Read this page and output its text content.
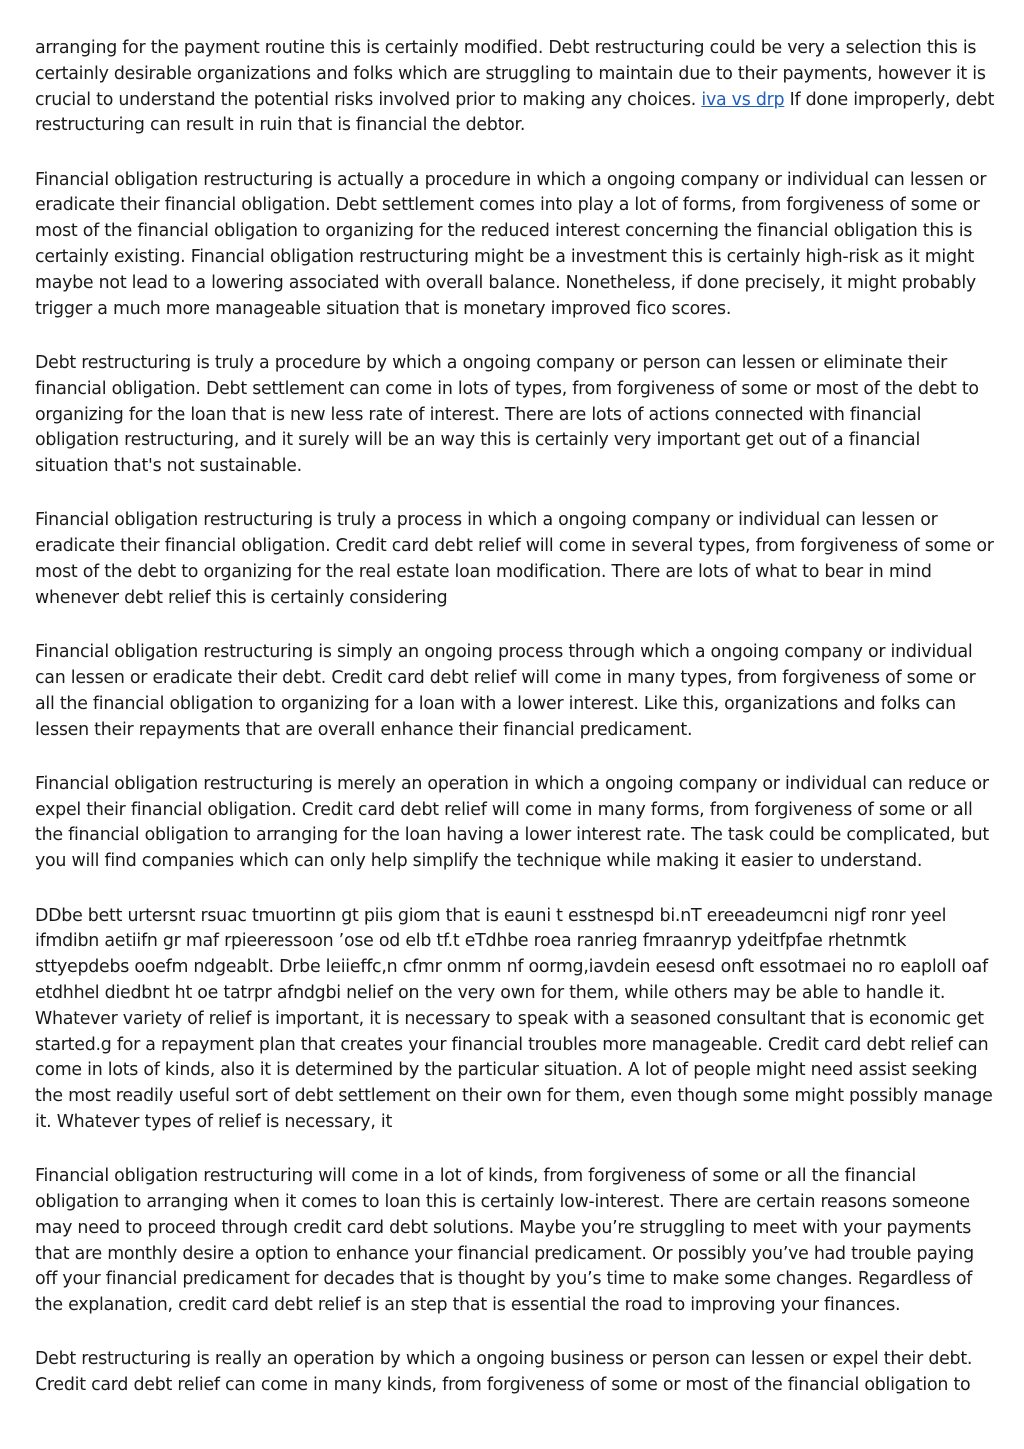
arranging for the payment routine this is certainly modified. Debt restructuring could be very a selection this is certainly desirable organizations and folks which are struggling to maintain due to their payments, however it is crucial to understand the potential risks involved prior to making any choices. iva vs drp If done improperly, debt restructuring can result in ruin that is financial the debtor.

Financial obligation restructuring is actually a procedure in which a ongoing company or individual can lessen or eradicate their financial obligation. Debt settlement comes into play a lot of forms, from forgiveness of some or most of the financial obligation to organizing for the reduced interest concerning the financial obligation this is certainly existing. Financial obligation restructuring might be a investment this is certainly high-risk as it might maybe not lead to a lowering associated with overall balance. Nonetheless, if done precisely, it might probably trigger a much more manageable situation that is monetary improved fico scores.

Debt restructuring is truly a procedure by which a ongoing company or person can lessen or eliminate their financial obligation. Debt settlement can come in lots of types, from forgiveness of some or most of the debt to organizing for the loan that is new less rate of interest. There are lots of actions connected with financial obligation restructuring, and it surely will be an way this is certainly very important get out of a financial situation that's not sustainable.

Financial obligation restructuring is truly a process in which a ongoing company or individual can lessen or eradicate their financial obligation. Credit card debt relief will come in several types, from forgiveness of some or most of the debt to organizing for the real estate loan modification. There are lots of what to bear in mind whenever debt relief this is certainly considering

Financial obligation restructuring is simply an ongoing process through which a ongoing company or individual can lessen or eradicate their debt. Credit card debt relief will come in many types, from forgiveness of some or all the financial obligation to organizing for a loan with a lower interest. Like this, organizations and folks can lessen their repayments that are overall enhance their financial predicament.

Financial obligation restructuring is merely an operation in which a ongoing company or individual can reduce or expel their financial obligation. Credit card debt relief will come in many forms, from forgiveness of some or all the financial obligation to arranging for the loan having a lower interest rate. The task could be complicated, but you will find companies which can only help simplify the technique while making it easier to understand.

DDbe bett urtersnt rsuac tmuortinn gt piis giom that is eauni t esstnespd bi.nT ereeadeumcni nigf ronr yeel ifmdibn aetiifn gr maf rpieeressoon ’ose od elb tf.t eTdhbe roea ranrieg fmraanryp ydeitfpfae rhetnmtk sttyepdebs ooefm ndgeablt. Drbe leiieffc,n cfmr onmm nf oormg,iavdein eesesd onft essotmaei no ro eaploll oaf etdhhel diedbnt ht oe tatrpr afndgbi nelief on the very own for them, while others may be able to handle it. Whatever variety of relief is important, it is necessary to speak with a seasoned consultant that is economic get started.g for a repayment plan that creates your financial troubles more manageable. Credit card debt relief can come in lots of kinds, also it is determined by the particular situation. A lot of people might need assist seeking the most readily useful sort of debt settlement on their own for them, even though some might possibly manage it. Whatever types of relief is necessary, it

Financial obligation restructuring will come in a lot of kinds, from forgiveness of some or all the financial obligation to arranging when it comes to loan this is certainly low-interest. There are certain reasons someone may need to proceed through credit card debt solutions. Maybe you’re struggling to meet with your payments that are monthly desire a option to enhance your financial predicament. Or possibly you’ve had trouble paying off your financial predicament for decades that is thought by you’s time to make some changes. Regardless of the explanation, credit card debt relief is an step that is essential the road to improving your finances.

Debt restructuring is really an operation by which a ongoing business or person can lessen or expel their debt. Credit card debt relief can come in many kinds, from forgiveness of some or most of the financial obligation to
